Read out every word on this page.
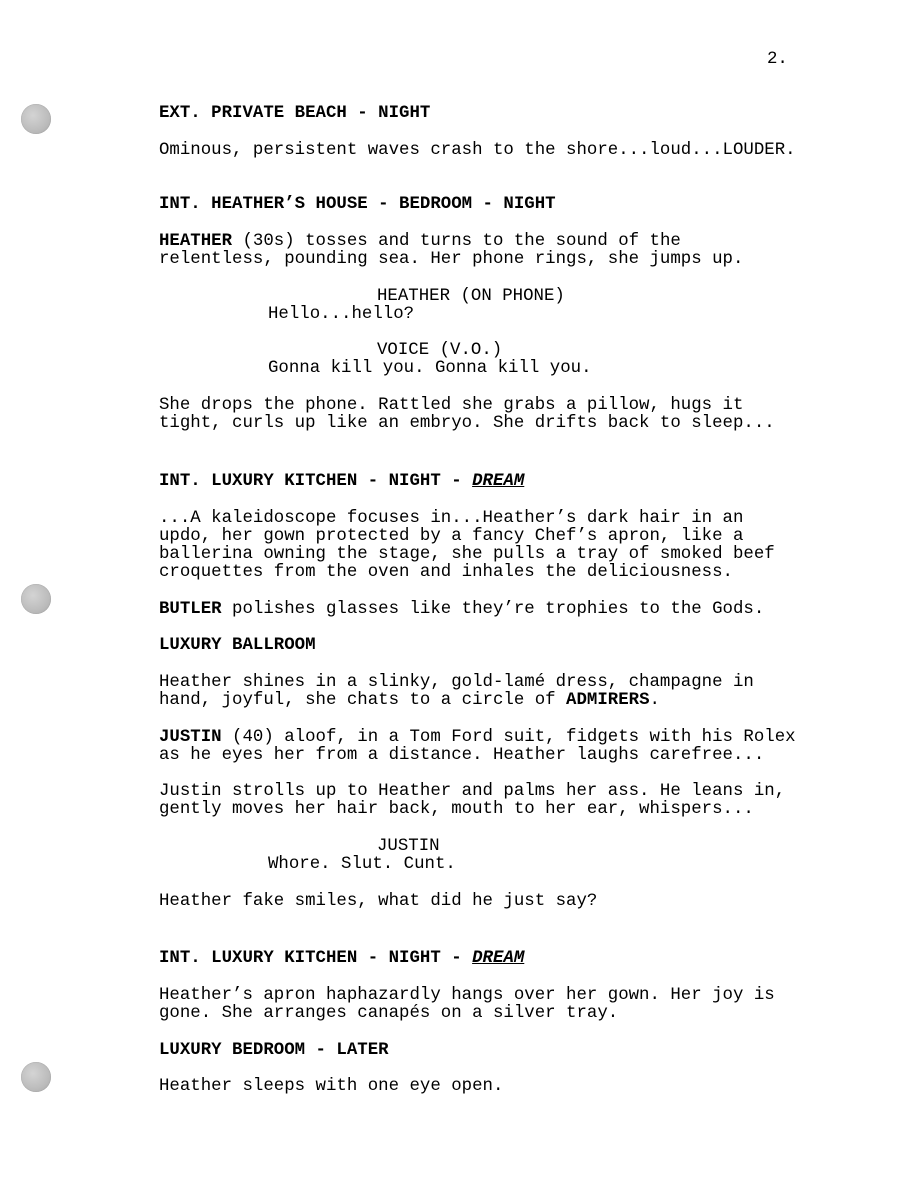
2.
EXT. PRIVATE BEACH - NIGHT
Ominous, persistent waves crash to the shore...loud...LOUDER.
INT. HEATHER’S HOUSE - BEDROOM - NIGHT
HEATHER (30s) tosses and turns to the sound of the
relentless, pounding sea. Her phone rings, she jumps up.
HEATHER (ON PHONE)
Hello...hello?
VOICE (V.O.)
Gonna kill you. Gonna kill you.
She drops the phone. Rattled she grabs a pillow, hugs it
tight, curls up like an embryo. She drifts back to sleep...
INT. LUXURY KITCHEN - NIGHT - DREAM
...A kaleidoscope focuses in...Heather’s dark hair in an
updo, her gown protected by a fancy Chef’s apron, like a
ballerina owning the stage, she pulls a tray of smoked beef
croquettes from the oven and inhales the deliciousness.
BUTLER polishes glasses like they’re trophies to the Gods.
LUXURY BALLROOM
Heather shines in a slinky, gold-lamé dress, champagne in
hand, joyful, she chats to a circle of ADMIRERS.
JUSTIN (40) aloof, in a Tom Ford suit, fidgets with his Rolex
as he eyes her from a distance. Heather laughs carefree...
Justin strolls up to Heather and palms her ass. He leans in,
gently moves her hair back, mouth to her ear, whispers...
JUSTIN
Whore. Slut. Cunt.
Heather fake smiles, what did he just say?
INT. LUXURY KITCHEN - NIGHT - DREAM
Heather’s apron haphazardly hangs over her gown. Her joy is
gone. She arranges canapés on a silver tray.
LUXURY BEDROOM - LATER
Heather sleeps with one eye open.
